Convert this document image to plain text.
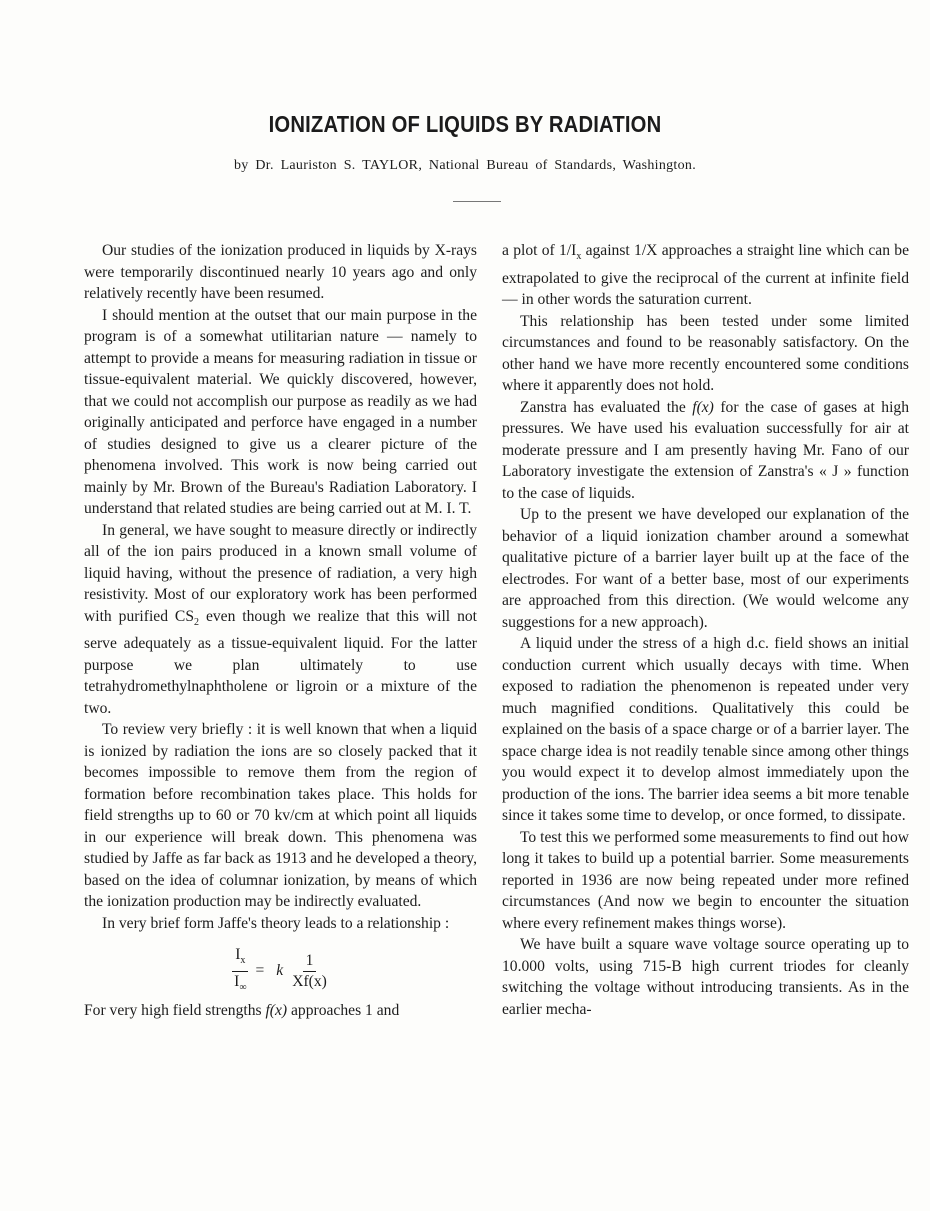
IONIZATION OF LIQUIDS BY RADIATION

by Dr. Lauriston S. TAYLOR, National Bureau of Standards, Washington.

Our studies of the ionization produced in liquids by X-rays were temporarily discontinued nearly 10 years ago and only relatively recently have been resumed.

I should mention at the outset that our main purpose in the program is of a somewhat utilitarian nature — namely to attempt to provide a means for measuring radiation in tissue or tissue-equivalent material. We quickly discovered, however, that we could not accomplish our purpose as readily as we had originally anticipated and perforce have engaged in a number of studies designed to give us a clearer picture of the phenomena involved. This work is now being carried out mainly by Mr. Brown of the Bureau's Radiation Laboratory. I understand that related studies are being carried out at M. I. T.

In general, we have sought to measure directly or indirectly all of the ion pairs produced in a known small volume of liquid having, without the presence of radiation, a very high resistivity. Most of our exploratory work has been performed with purified $CS_2$ even though we realize that this will not serve adequately as a tissue-equivalent liquid. For the latter purpose we plan ultimately to use tetrahydromethylnaphtholene or ligroin or a mixture of the two.

To review very briefly : it is well known that when a liquid is ionized by radiation the ions are so closely packed that it becomes impossible to remove them from the region of formation before recombination takes place. This holds for field strengths up to 60 or 70 kv/cm at which point all liquids in our experience will break down. This phenomena was studied by Jaffe as far back as 1913 and he developed a theory, based on the idea of columnar ionization, by means of which the ionization production may be indirectly evaluated.

In very brief form Jaffe's theory leads to a relationship :

$\frac{I_x}{I_\infty} = k \frac{1}{Xf(x)}$

For very high field strengths f(x) approaches 1 and

a plot of $1/I_x$ against 1/X approaches a straight line which can be extrapolated to give the reciprocal of the current at infinite field — in other words the saturation current.

This relationship has been tested under some limited circumstances and found to be reasonably satisfactory. On the other hand we have more recently encountered some conditions where it apparently does not hold.

Zanstra has evaluated the f(x) for the case of gases at high pressures. We have used his evaluation successfully for air at moderate pressure and I am presently having Mr. Fano of our Laboratory investigate the extension of Zanstra's « J » function to the case of liquids.

Up to the present we have developed our explanation of the behavior of a liquid ionization chamber around a somewhat qualitative picture of a barrier layer built up at the face of the electrodes. For want of a better base, most of our experiments are approached from this direction. (We would welcome any suggestions for a new approach).

A liquid under the stress of a high d.c. field shows an initial conduction current which usually decays with time. When exposed to radiation the phenomenon is repeated under very much magnified conditions. Qualitatively this could be explained on the basis of a space charge or of a barrier layer. The space charge idea is not readily tenable since among other things you would expect it to develop almost immediately upon the production of the ions. The barrier idea seems a bit more tenable since it takes some time to develop, or once formed, to dissipate.

To test this we performed some measurements to find out how long it takes to build up a potential barrier. Some measurements reported in 1936 are now being repeated under more refined circumstances (And now we begin to encounter the situation where every refinement makes things worse).

We have built a square wave voltage source operating up to 10.000 volts, using 715-B high current triodes for cleanly switching the voltage without introducing transients. As in the earlier mecha-
